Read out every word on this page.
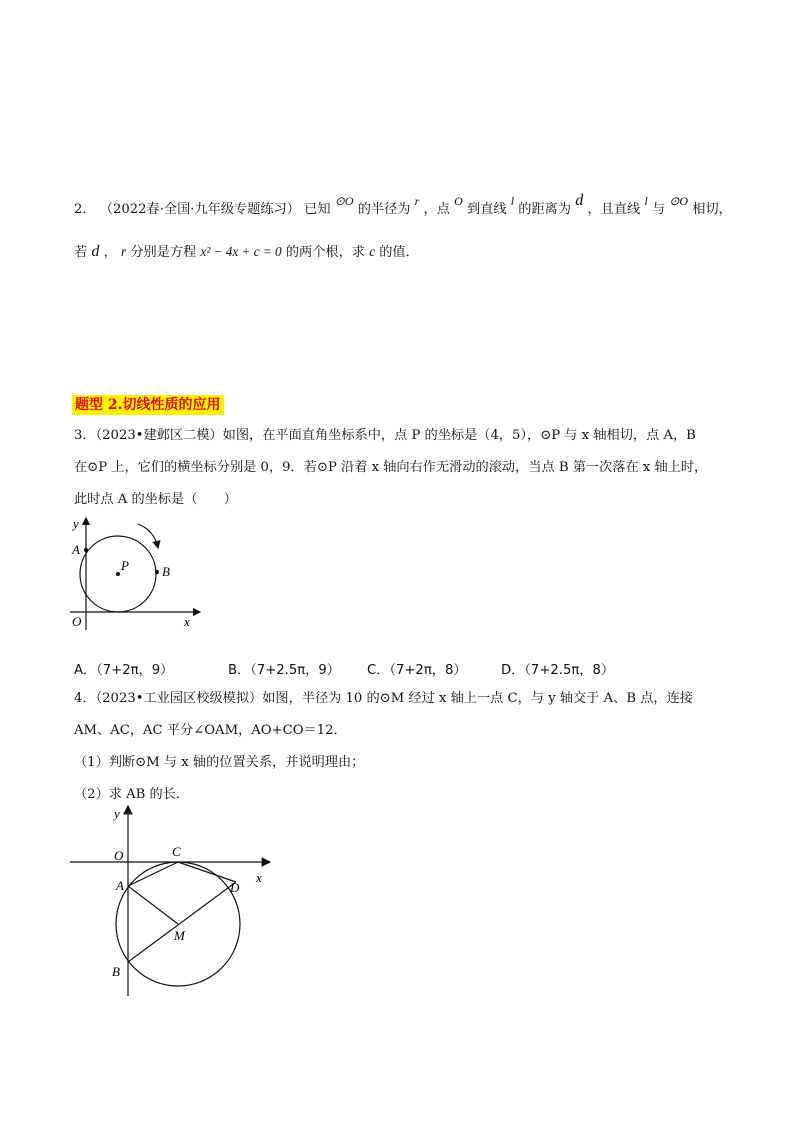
2． （2022春·全国·九年级专题练习） 已知 ⊙O 的半径为 r ，点 O 到直线 l 的距离为 d ，且直线 l 与 ⊙O 相切，
若 d ， r 分别是方程 x² − 4x + c = 0 的两个根，求 c 的值．
题型 2.切线性质的应用
3．（2023•建邺区二模）如图，在平面直角坐标系中，点 P 的坐标是（4，5），⊙P 与 x 轴相切，点 A，B
在⊙P 上，它们的横坐标分别是 0，9．若⊙P 沿着 x 轴向右作无滑动的滚动，当点 B 第一次落在 x 轴上时，
此时点 A 的坐标是（　　）
y
A
P	B
O	x
A．（7+2π，9）	B．（7+2.5π，9） C．（7+2π，8）	D．（7+2.5π，8）
4．（2023•工业园区校级模拟）如图，半径为 10 的⊙M 经过 x 轴上一点 C，与 y 轴交于 A、B 点，连接
AM、AC，AC 平分∠OAM，AO+CO＝12．
（1）判断⊙M 与 x 轴的位置关系，并说明理由；
（2）求 AB 的长．
y
O	C
x
A	D
M
B
